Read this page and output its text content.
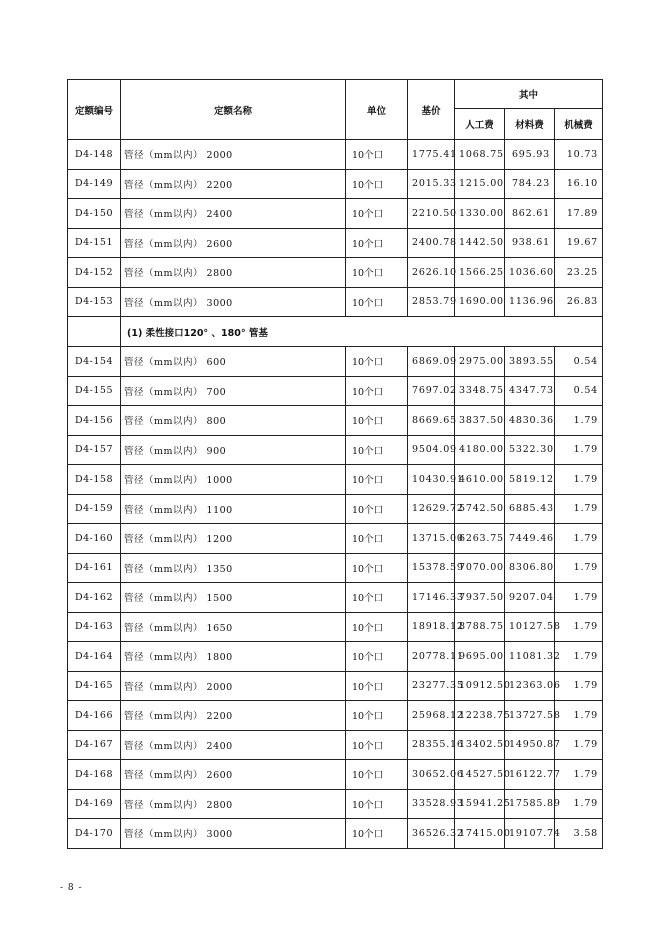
定额编号	定额名称	单位	基价	其中		
				人工费	材料费	机械费
D4-148	管径（mm以内） 2000	10个口	1775.41	1068.75	695.93	10.73
D4-149	管径（mm以内） 2200	10个口	2015.33	1215.00	784.23	16.10
D4-150	管径（mm以内） 2400	10个口	2210.50	1330.00	862.61	17.89
D4-151	管径（mm以内） 2600	10个口	2400.78	1442.50	938.61	19.67
D4-152	管径（mm以内） 2800	10个口	2626.10	1566.25	1036.60	23.25
D4-153	管径（mm以内） 3000	10个口	2853.79	1690.00	1136.96	26.83
	(1) 柔性接口120° 、180° 管基					
D4-154	管径（mm以内） 600	10个口	6869.09	2975.00	3893.55	0.54
D4-155	管径（mm以内） 700	10个口	7697.02	3348.75	4347.73	0.54
D4-156	管径（mm以内） 800	10个口	8669.65	3837.50	4830.36	1.79
D4-157	管径（mm以内） 900	10个口	9504.09	4180.00	5322.30	1.79
D4-158	管径（mm以内） 1000	10个口	10430.91	4610.00	5819.12	1.79
D4-159	管径（mm以内） 1100	10个口	12629.72	5742.50	6885.43	1.79
D4-160	管径（mm以内） 1200	10个口	13715.00	6263.75	7449.46	1.79
D4-161	管径（mm以内） 1350	10个口	15378.59	7070.00	8306.80	1.79
D4-162	管径（mm以内） 1500	10个口	17146.33	7937.50	9207.04	1.79
D4-163	管径（mm以内） 1650	10个口	18918.12	8788.75	10127.58	1.79
D4-164	管径（mm以内） 1800	10个口	20778.11	9695.00	11081.32	1.79
D4-165	管径（mm以内） 2000	10个口	23277.35	10912.50	12363.06	1.79
D4-166	管径（mm以内） 2200	10个口	25968.12	12238.75	13727.58	1.79
D4-167	管径（mm以内） 2400	10个口	28355.16	13402.50	14950.87	1.79
D4-168	管径（mm以内） 2600	10个口	30652.06	14527.50	16122.77	1.79
D4-169	管径（mm以内） 2800	10个口	33528.93	15941.25	17585.89	1.79
D4-170	管径（mm以内） 3000	10个口	36526.32	17415.00	19107.74	3.58
- 8 -
